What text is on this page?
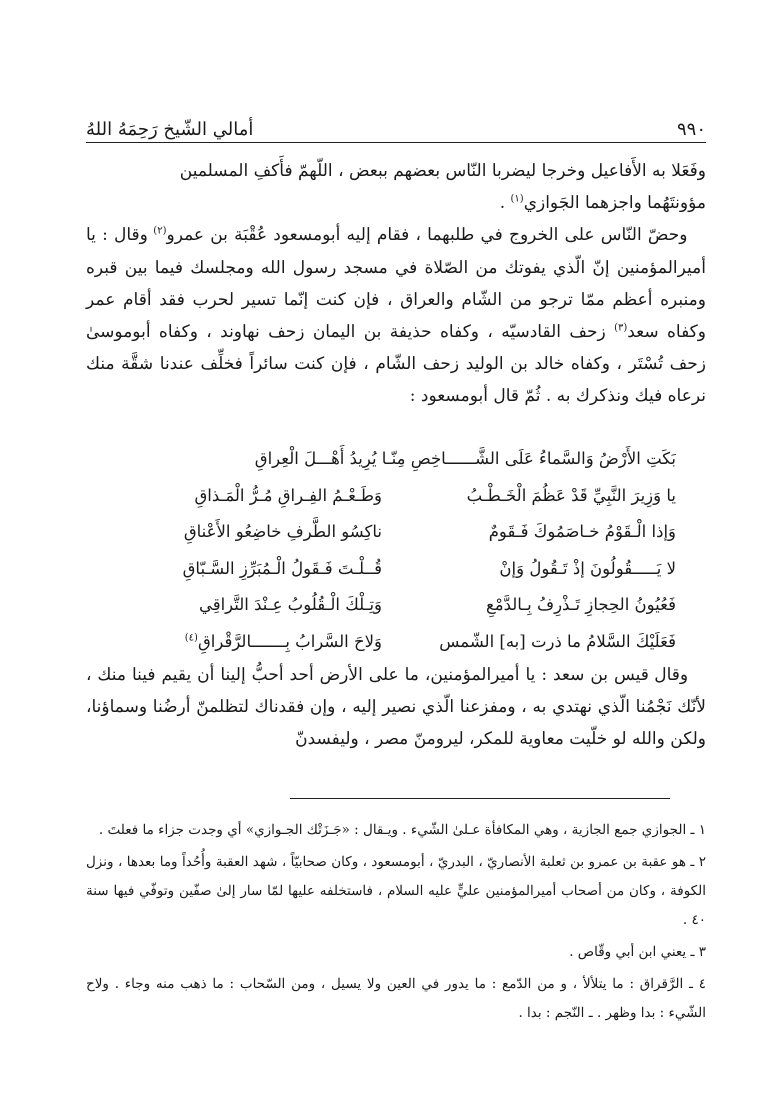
٩٩٠
أمالي الشّيخ رَحِمَهُ اللهُ

وفَعَلا به الأَفاعيل وخرجا ليضربا النّاس بعضهم ببعض ، اللّهمّ فأَكفِ المسلمين

مؤونتَهُما واجزهما الجَوازي$^{(١)}$ .

وحضّ النّاس على الخروج في طلبهما ، فقام إليه أبومسعود عُقْبَة بن عمرو$^{(٢)}$ وقال : يا أميرالمؤمنين إنّ الّذي يفوتك من الصّلاة في مسجد رسول الله ومجلسك فيما بين قبره ومنبره أعظم ممّا ترجو من الشّام والعراق ، فإن كنت إنّما تسير لحرب فقد أقام عمر وكفاه سعد$^{(٣)}$ زحف القادسيّه ، وكفاه حذيفة بن اليمان زحف نهاوند ، وكفاه أبوموسىٰ زحف تُسْتَر ، وكفاه خالد بن الوليد زحف الشّام ، فإن كنت سائراً فخلِّف عندنا شقَّة منك نرعاه فيك ونذكرك به . ثُمّ قال أبومسعود :

بَكَتِ الأَرْضُ وَالسَّماءُ عَلَى الشَّــــــاخِصِ مِنّـا يُرِيدُ أَهْـــلَ الْعِراقِ
يا وَزِيرَ النَّبِيِّ قَدْ عَظُمَ الْخَـطْـبُ
وَطَـعْـمُ الفِـراقِ مُـرُّ الْمَـذاقِ
وَإذا الْـقَوْمُ خـاصَمُوكَ فَـقَومٌ
ناكِسُو الطَّرفِ خاضِعُو الأَعْناقِ
لا يَـــــقُولُونَ إذْ تَـقُولُ وَإنْ
قُــلْـتَ فَـقَولُ الْـمُبَرِّزِ السَّـبّاقِ
فَعُيُونُ الحِجازِ تَـذْرِفُ بِـالدَّمْعِ
وَتِـلْكَ الْـقُلُوبُ عِـنْدَ التَّراقِي
فَعَلَيْكَ السَّلامُ ما ذرت [به] الشّمس
وَلاحَ السَّرابُ بِـــــــالرَّقْراقِ$^{(٤)}$

وقال قيس بن سعد : يا أميرالمؤمنين، ما على الأرض أحد أحبُّ إلينا أن يقيم فينا منك ، لأنّك نَجْمُنا الّذي نهتدي به ، ومفزعنا الّذي نصير إليه ، وإن فقدناك لتظلمنّ أرضُنا وسماؤنا، ولكن والله لو خلّيت معاوية للمكر، ليرومنّ مصر ، وليفسدنّ

١ ـ الجوازي جمع الجازية ، وهي المكافأة عـلىٰ الشّيء . ويـقال : «جَـزَتْك الجـوازي» أي وجدت جزاء ما فعلتَ .

٢ ـ هو عقبة بن عمرو بن ثعلبة الأنصاريّ ، البدريّ ، أبومسعود ، وكان صحابيّاً ، شهد العقبة وأُحُداً وما بعدها ، ونزل الكوفة ، وكان من أصحاب أميرالمؤمنين عليٍّ عليه السلام ، فاستخلفه عليها لمّا سار إلىٰ صفّين وتوفّي فيها سنة ٤٠ .

٣ ـ يعني ابن أبي وقّاص .

٤ ـ الرَّقراق : ما يتلألأ ، و من الدّمع : ما يدور في العين ولا يسيل ، ومن السّحاب : ما ذهب منه وجاء . ولاح الشّيء : بدا وظهر . ـ النّجم : بدا .
